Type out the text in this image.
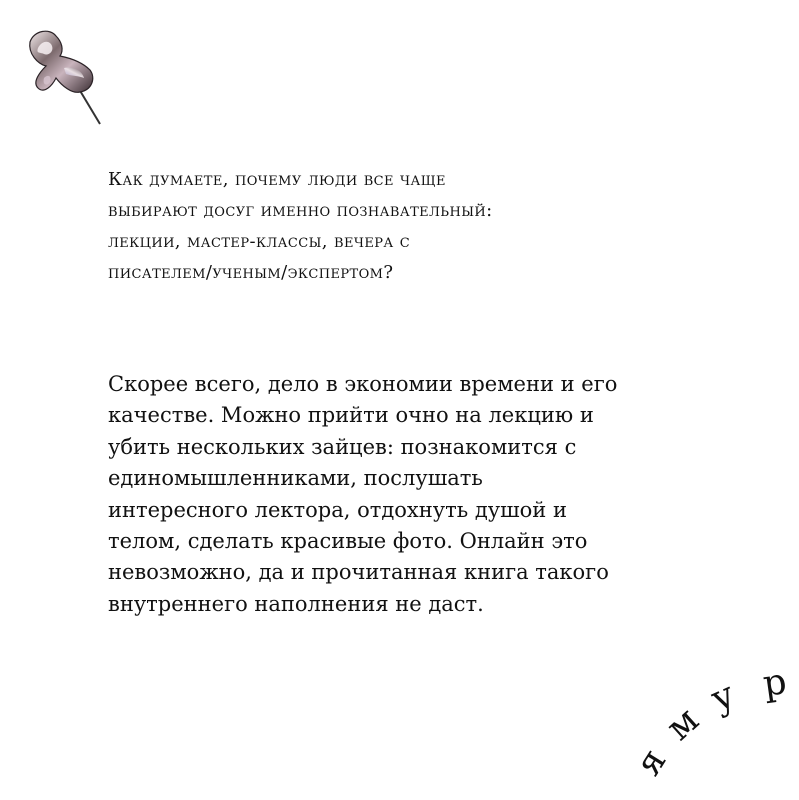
Как думаете, почему люди все чаще
выбирают досуг именно познавательный:
лекции, мастер-классы, вечера с
писателем/ученым/экспертом?

Скорее всего, дело в экономии времени и его
качестве. Можно прийти очно на лекцию и
убить нескольких зайцев: познакомится с
единомышленниками, послушать
интересного лектора, отдохнуть душой и
телом, сделать красивые фото. Онлайн это
невозможно, да и прочитанная книга такого
внутреннего наполнения не даст.

я
м
у р
